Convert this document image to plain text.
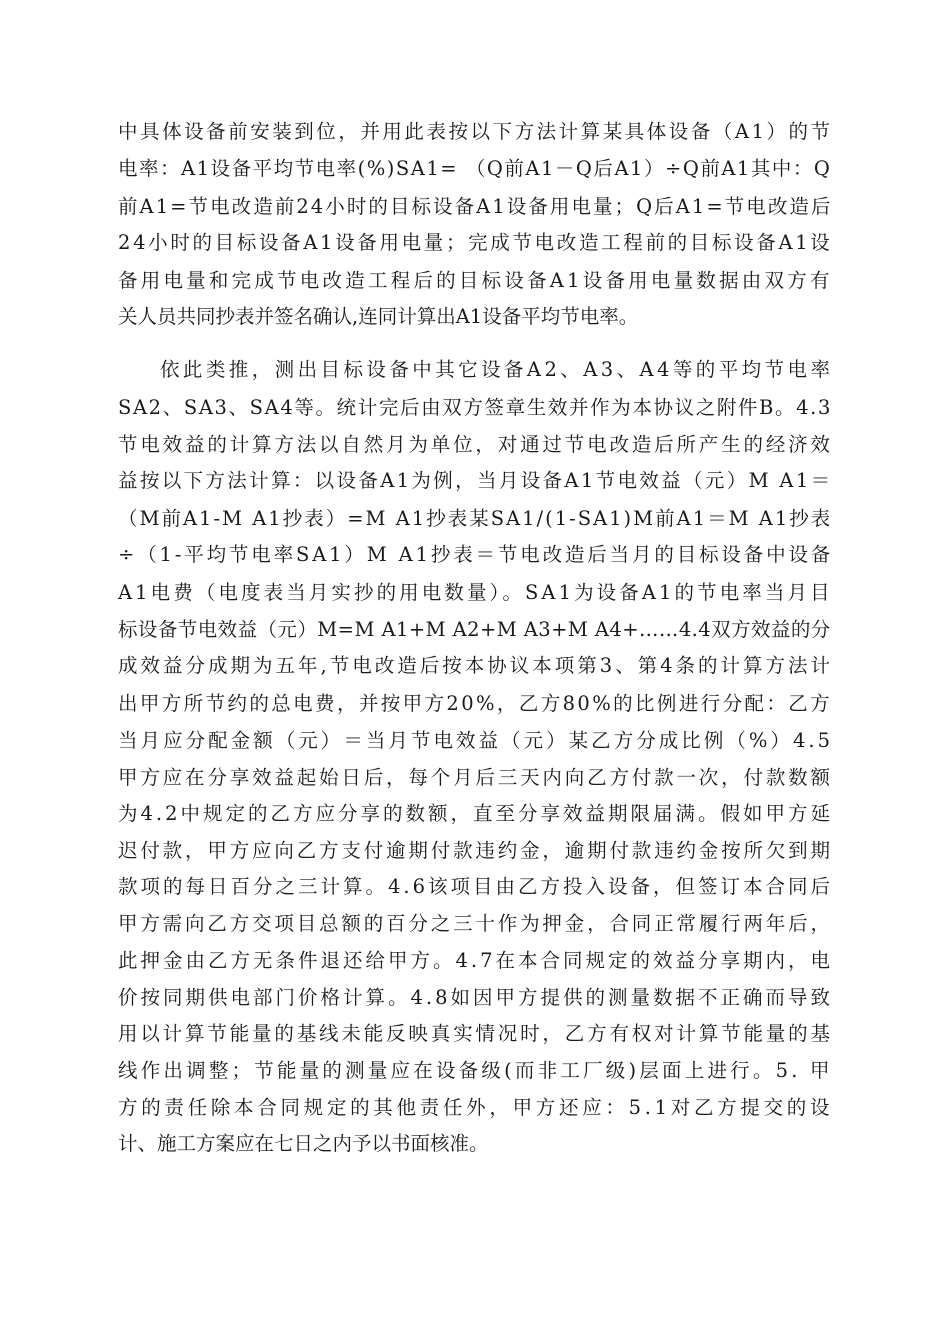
中具体设备前安装到位，并用此表按以下方法计算某具体设备（A1）的节
电率：A1设备平均节电率(%)SA1= （Q前A1－Q后A1）÷Q前A1其中：Q
前A1=节电改造前24小时的目标设备A1设备用电量；Q后A1=节电改造后
24小时的目标设备A1设备用电量；完成节电改造工程前的目标设备A1设
备用电量和完成节电改造工程后的目标设备A1设备用电量数据由双方有
关人员共同抄表并签名确认,连同计算出A1设备平均节电率。
依此类推，测出目标设备中其它设备A2、A3、A4等的平均节电率
SA2、SA3、SA4等。统计完后由双方签章生效并作为本协议之附件B。4.3
节电效益的计算方法以自然月为单位，对通过节电改造后所产生的经济效
益按以下方法计算：以设备A1为例，当月设备A1节电效益（元）M A1＝
（M前A1-M A1抄表）=M A1抄表某SA1/(1-SA1)M前A1＝M A1抄表
÷（1-平均节电率SA1）M A1抄表＝节电改造后当月的目标设备中设备
A1电费（电度表当月实抄的用电数量）。SA1为设备A1的节电率当月目
标设备节电效益（元）M=M A1+M A2+M A3+M A4+……4.4双方效益的分
成效益分成期为五年,节电改造后按本协议本项第3、第4条的计算方法计
出甲方所节约的总电费，并按甲方20%，乙方80%的比例进行分配：乙方
当月应分配金额（元）＝当月节电效益（元）某乙方分成比例（%）4.5
甲方应在分享效益起始日后，每个月后三天内向乙方付款一次，付款数额
为4.2中规定的乙方应分享的数额，直至分享效益期限届满。假如甲方延
迟付款，甲方应向乙方支付逾期付款违约金，逾期付款违约金按所欠到期
款项的每日百分之三计算。4.6该项目由乙方投入设备，但签订本合同后
甲方需向乙方交项目总额的百分之三十作为押金，合同正常履行两年后，
此押金由乙方无条件退还给甲方。4.7在本合同规定的效益分享期内，电
价按同期供电部门价格计算。4.8如因甲方提供的测量数据不正确而导致
用以计算节能量的基线未能反映真实情况时，乙方有权对计算节能量的基
线作出调整；节能量的测量应在设备级(而非工厂级)层面上进行。5. 甲
方的责任除本合同规定的其他责任外，甲方还应：5.1对乙方提交的设
计、施工方案应在七日之内予以书面核准。
